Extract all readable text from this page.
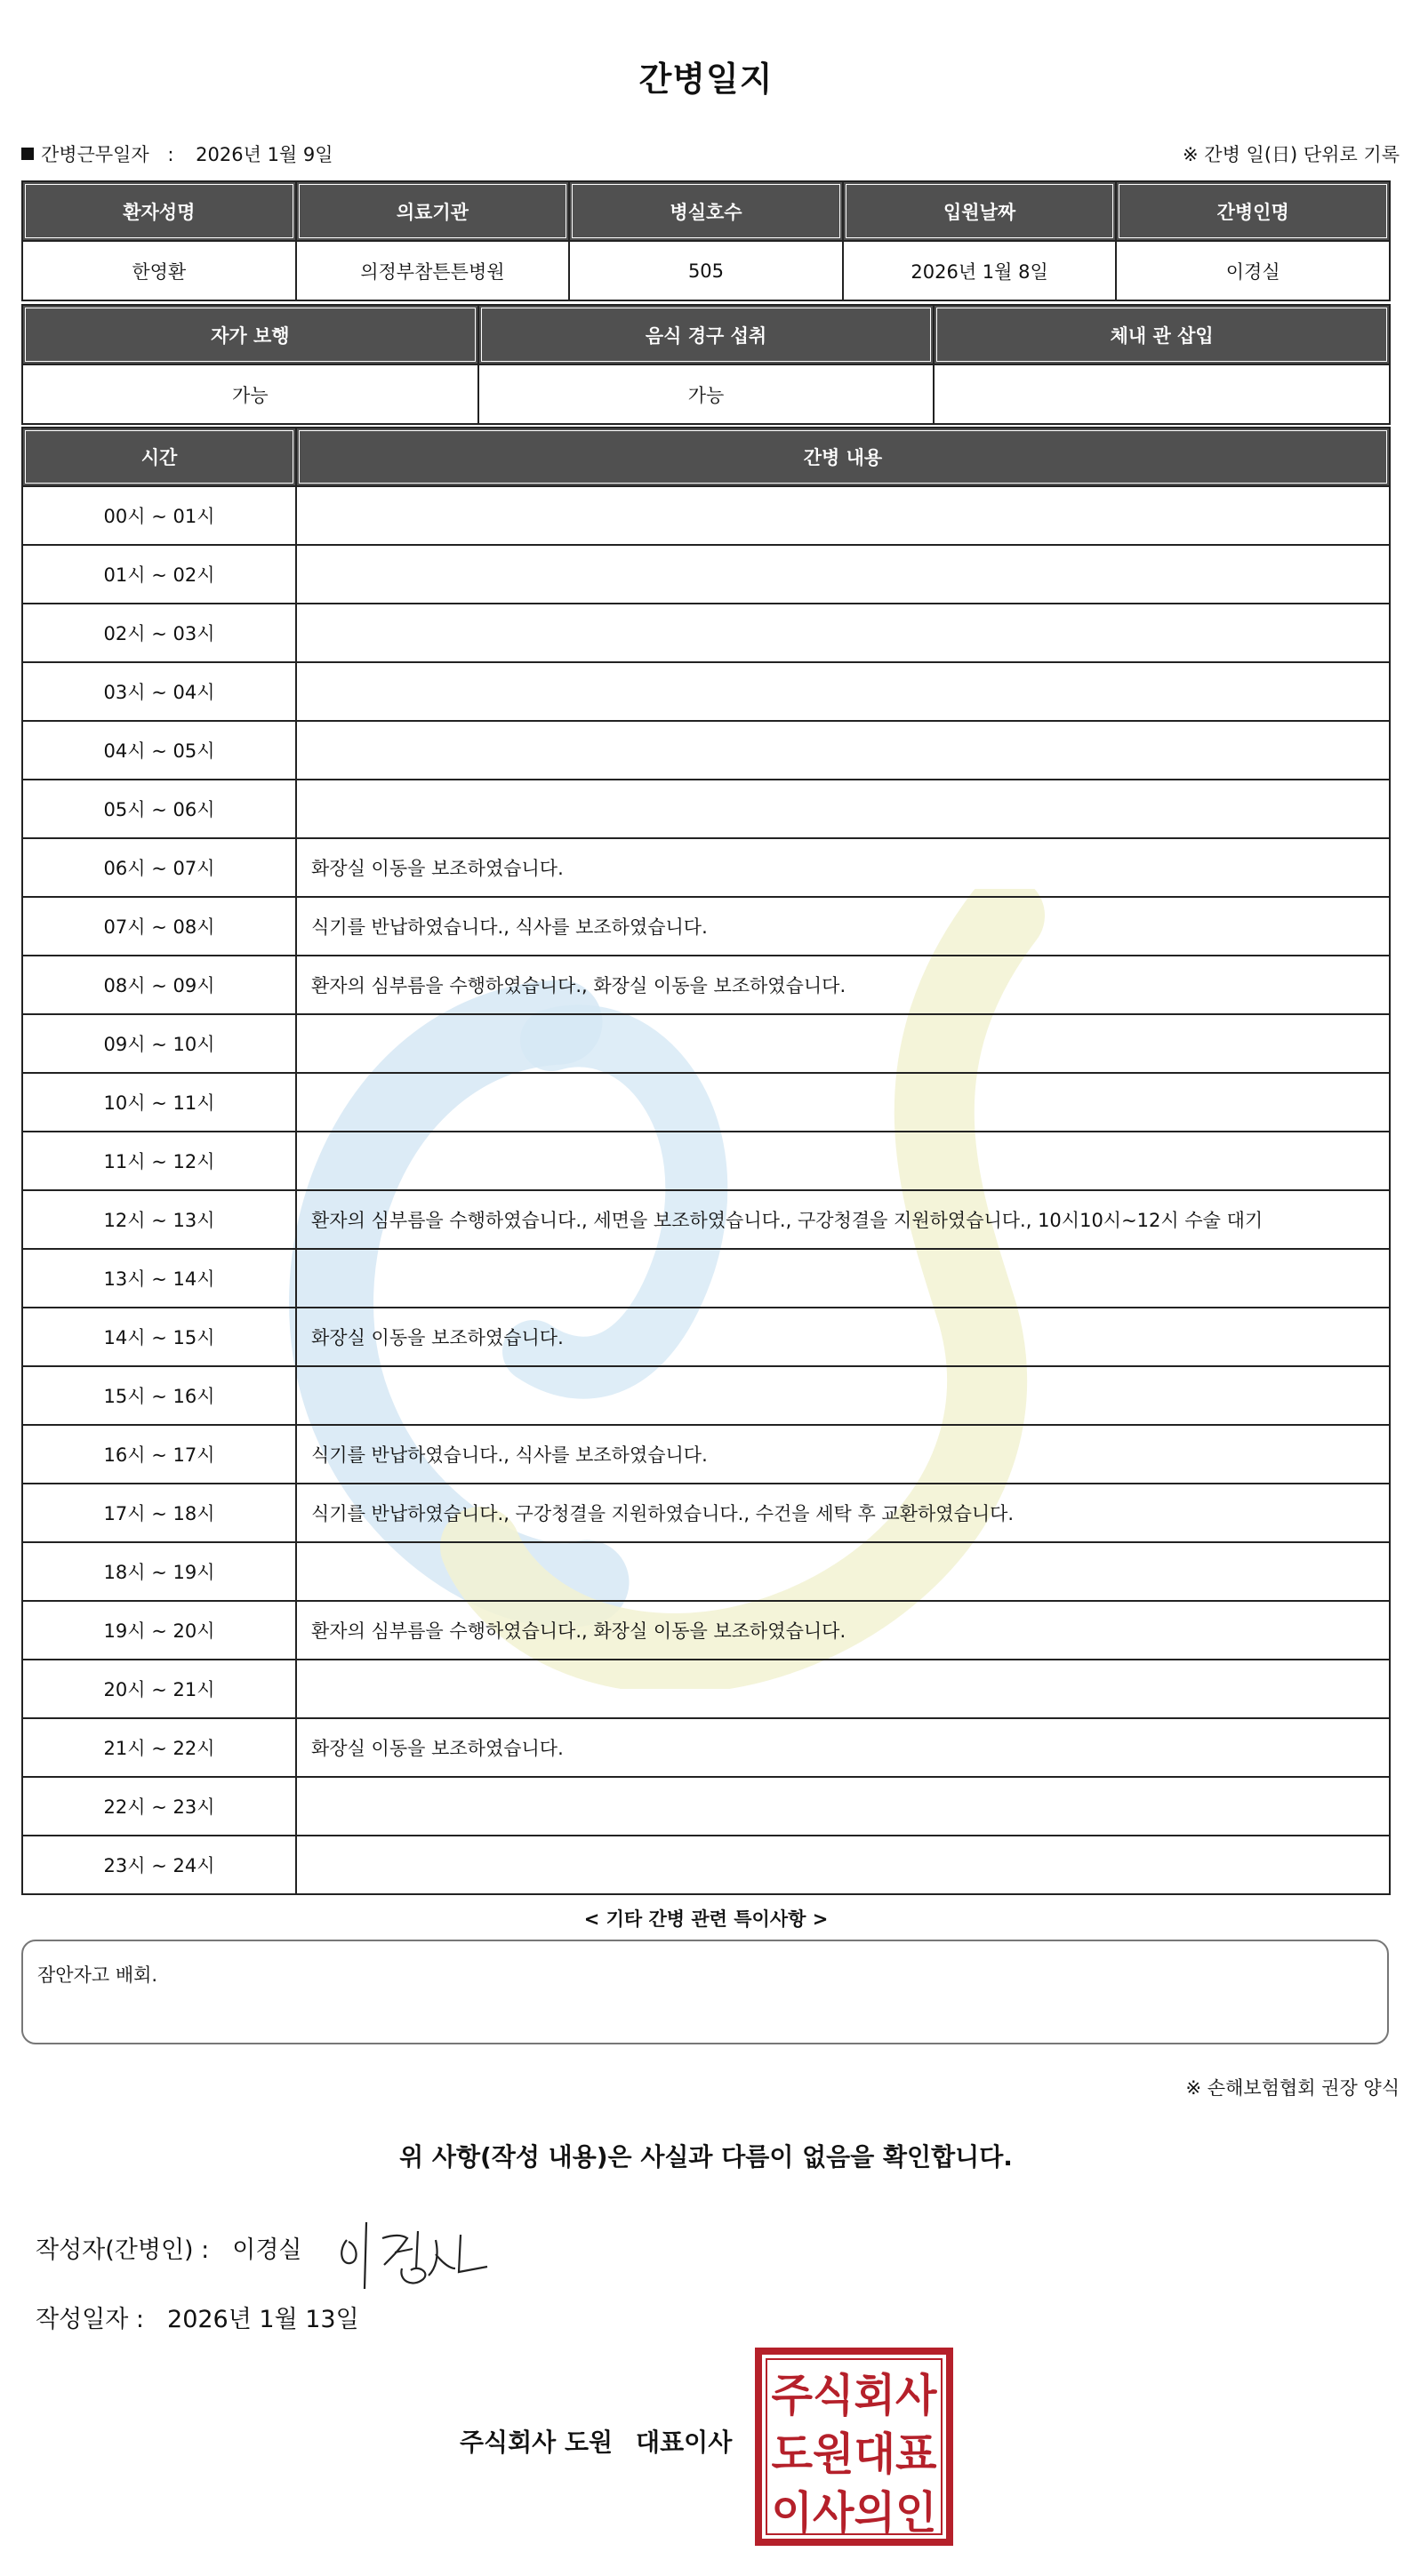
간병일지
간병근무일자 : 2026년 1월 9일	※ 간병 일(日) 단위로 기록
환자성명	의료기관	병실호수	입원날짜	간병인명
한영환	의정부참튼튼병원	505	2026년 1월 8일	이경실
자가 보행	음식 경구 섭취	체내 관 삽입
가능	가능	
시간	간병 내용
00시 ~ 01시	
01시 ~ 02시	
02시 ~ 03시	
03시 ~ 04시	
04시 ~ 05시	
05시 ~ 06시	
06시 ~ 07시	화장실 이동을 보조하였습니다.
07시 ~ 08시	식기를 반납하였습니다., 식사를 보조하였습니다.
08시 ~ 09시	환자의 심부름을 수행하였습니다., 화장실 이동을 보조하였습니다.
09시 ~ 10시	
10시 ~ 11시	
11시 ~ 12시	
12시 ~ 13시	환자의 심부름을 수행하였습니다., 세면을 보조하였습니다., 구강청결을 지원하였습니다., 10시10시~12시 수술 대기
13시 ~ 14시	
14시 ~ 15시	화장실 이동을 보조하였습니다.
15시 ~ 16시	
16시 ~ 17시	식기를 반납하였습니다., 식사를 보조하였습니다.
17시 ~ 18시	식기를 반납하였습니다., 구강청결을 지원하였습니다., 수건을 세탁 후 교환하였습니다.
18시 ~ 19시	
19시 ~ 20시	환자의 심부름을 수행하였습니다., 화장실 이동을 보조하였습니다.
20시 ~ 21시	
21시 ~ 22시	화장실 이동을 보조하였습니다.
22시 ~ 23시	
23시 ~ 24시	
< 기타 간병 관련 특이사항 >
잠안자고 배회.
※ 손해보험협회 권장 양식
위 사항(작성 내용)은 사실과 다름이 없음을 확인합니다.
작성자(간병인) : 이경실
작성일자 : 2026년 1월 13일
주식회사 도원 대표이사
주식회사
도원대표
이사의인
